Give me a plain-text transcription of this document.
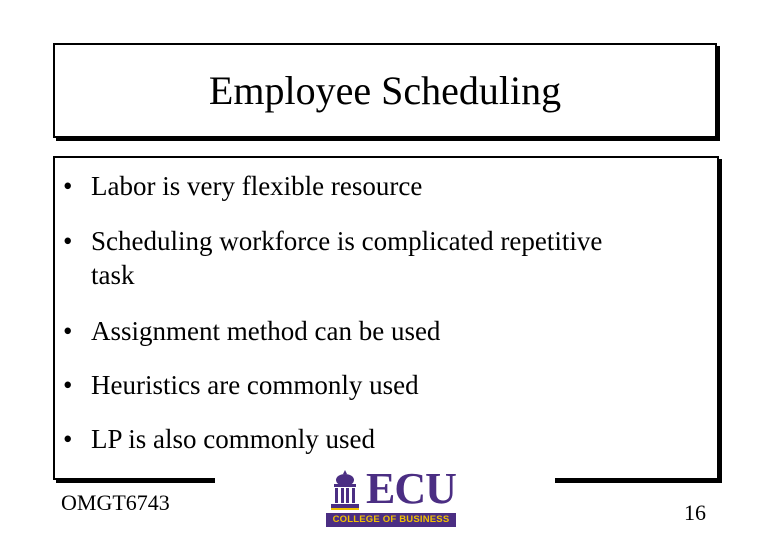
Employee Scheduling
• Labor is very flexible resource
• Scheduling workforce is complicated repetitive
task
• Assignment method can be used
• Heuristics are commonly used
• LP is also commonly used
OMGT6743	ECU
COLLEGE OF BUSINESS	16
